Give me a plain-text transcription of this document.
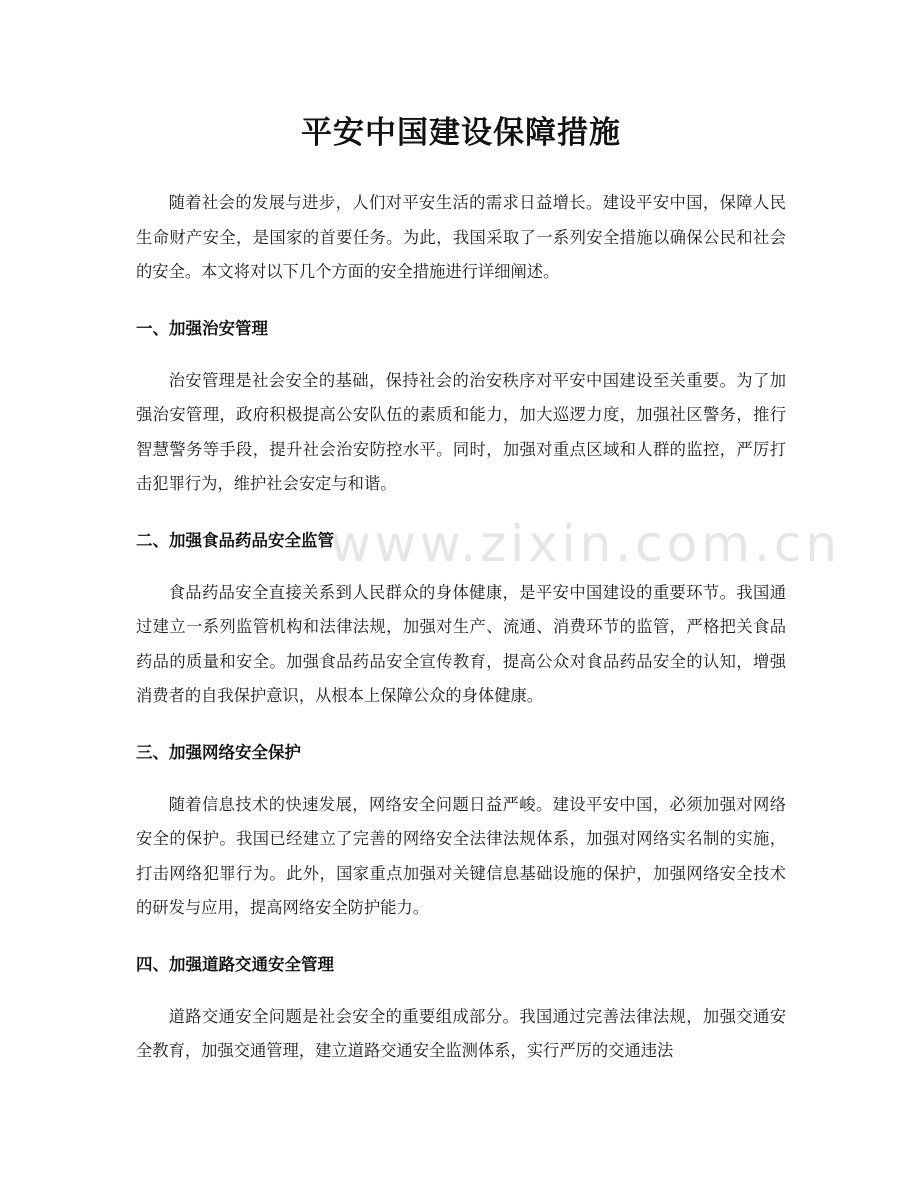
www.zixin.com.cn
平安中国建设保障措施

随着社会的发展与进步，人们对平安生活的需求日益增长。建设平安中国，保障人民生命财产安全，是国家的首要任务。为此，我国采取了一系列安全措施以确保公民和社会的安全。本文将对以下几个方面的安全措施进行详细阐述。

一、加强治安管理

治安管理是社会安全的基础，保持社会的治安秩序对平安中国建设至关重要。为了加强治安管理，政府积极提高公安队伍的素质和能力，加大巡逻力度，加强社区警务，推行智慧警务等手段，提升社会治安防控水平。同时，加强对重点区域和人群的监控，严厉打击犯罪行为，维护社会安定与和谐。

二、加强食品药品安全监管

食品药品安全直接关系到人民群众的身体健康，是平安中国建设的重要环节。我国通过建立一系列监管机构和法律法规，加强对生产、流通、消费环节的监管，严格把关食品药品的质量和安全。加强食品药品安全宣传教育，提高公众对食品药品安全的认知，增强消费者的自我保护意识，从根本上保障公众的身体健康。

三、加强网络安全保护

随着信息技术的快速发展，网络安全问题日益严峻。建设平安中国，必须加强对网络安全的保护。我国已经建立了完善的网络安全法律法规体系，加强对网络实名制的实施，打击网络犯罪行为。此外，国家重点加强对关键信息基础设施的保护，加强网络安全技术的研发与应用，提高网络安全防护能力。

四、加强道路交通安全管理

道路交通安全问题是社会安全的重要组成部分。我国通过完善法律法规，加强交通安全教育，加强交通管理，建立道路交通安全监测体系，实行严厉的交通违法
